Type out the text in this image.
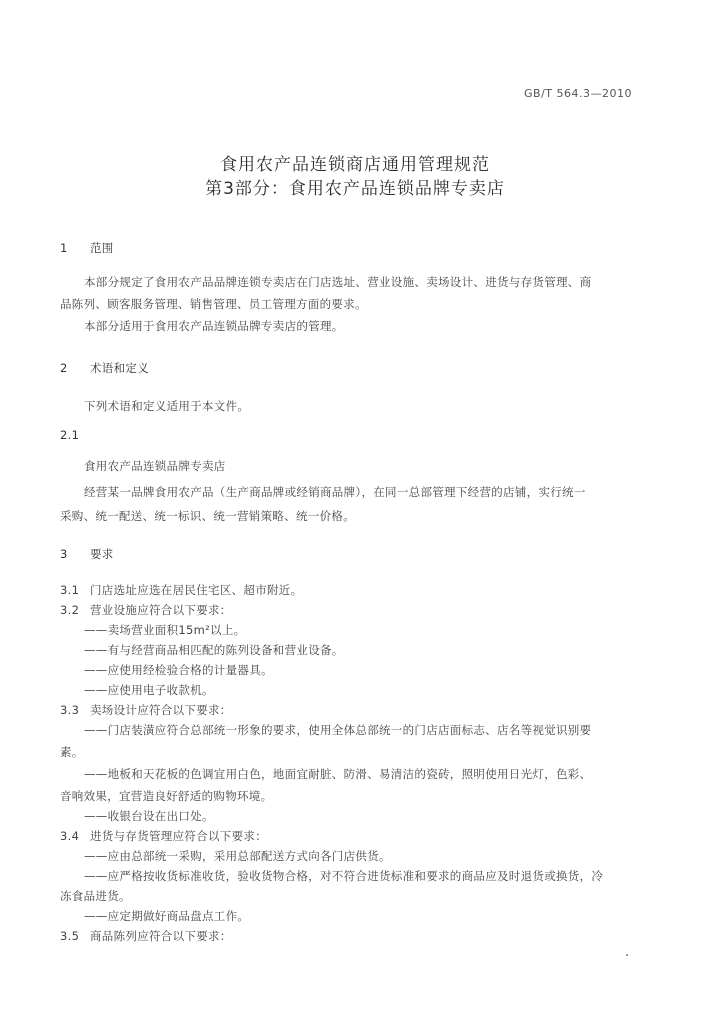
GB/T 564.3—2010
食用农产品连锁商店通用管理规范
第3部分：食用农产品连锁品牌专卖店
1 范围
本部分规定了食用农产品品牌连锁专卖店在门店选址、营业设施、卖场设计、进货与存货管理、商
品陈列、顾客服务管理、销售管理、员工管理方面的要求。
本部分适用于食用农产品连锁品牌专卖店的管理。
2 术语和定义
下列术语和定义适用于本文件。
2.1
食用农产品连锁品牌专卖店
经营某一品牌食用农产品（生产商品牌或经销商品牌），在同一总部管理下经营的店铺，实行统一
采购、统一配送、统一标识、统一营销策略、统一价格。
3 要求
3.1 门店选址应选在居民住宅区、超市附近。
3.2 营业设施应符合以下要求：
——卖场营业面积15m²以上。
——有与经营商品相匹配的陈列设备和营业设备。
——应使用经检验合格的计量器具。
——应使用电子收款机。
3.3 卖场设计应符合以下要求：
——门店装潢应符合总部统一形象的要求，使用全体总部统一的门店店面标志、店名等视觉识别要
素。
——地板和天花板的色调宜用白色，地面宜耐脏、防滑、易清洁的瓷砖，照明使用日光灯，色彩、
音响效果，宜营造良好舒适的购物环境。
——收银台设在出口处。
3.4 进货与存货管理应符合以下要求：
——应由总部统一采购，采用总部配送方式向各门店供货。
——应严格按收货标准收货，验收货物合格，对不符合进货标准和要求的商品应及时退货或换货，冷
冻食品进货。
——应定期做好商品盘点工作。
3.5 商品陈列应符合以下要求：
